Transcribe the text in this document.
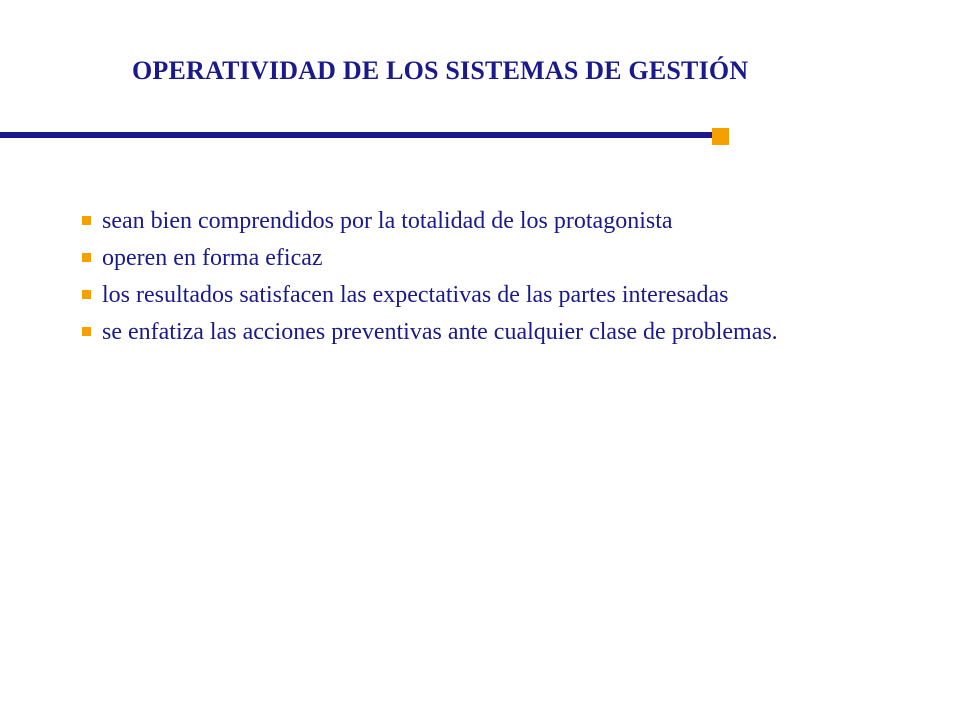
OPERATIVIDAD DE LOS SISTEMAS DE GESTIÓN
sean bien comprendidos por la totalidad de los protagonista
operen en forma eficaz
los resultados satisfacen las expectativas de las partes interesadas
se enfatiza las acciones preventivas ante cualquier clase de problemas.
